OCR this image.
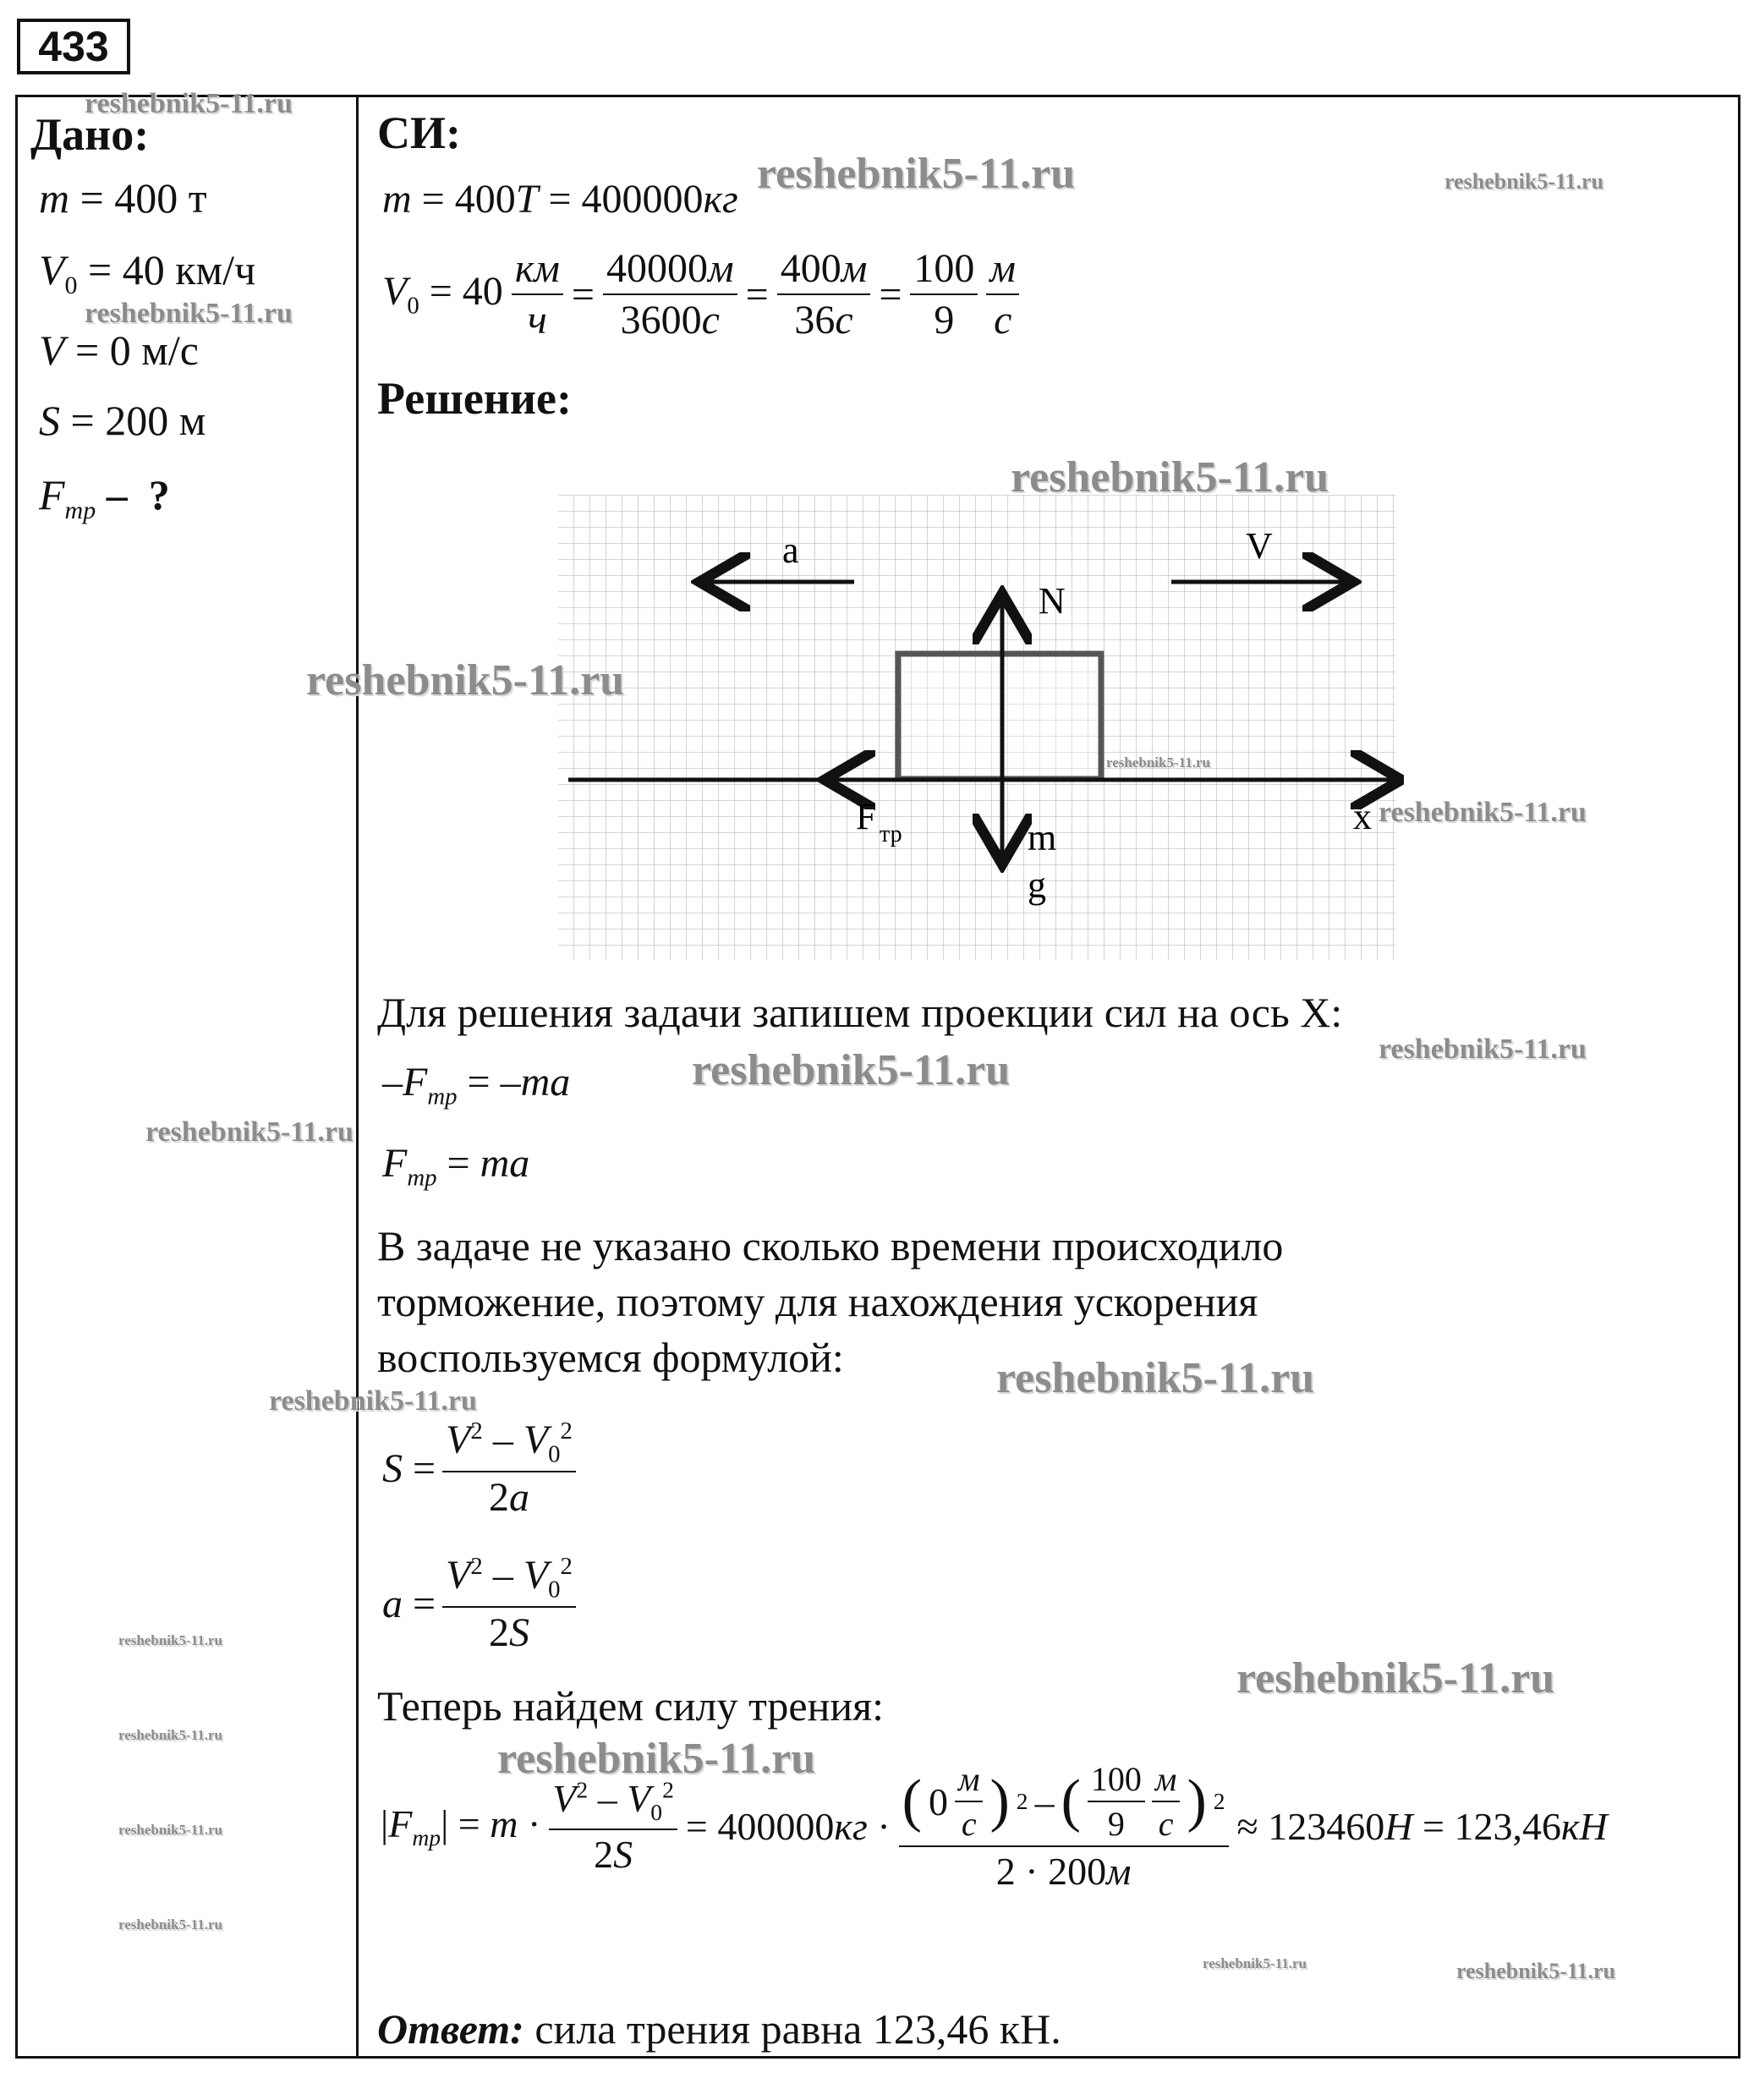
433
Дано:
m = 400 т
$V_0 = 40$ км/ч
V = 0 м/с
S = 200 м
$F_{тр}$ –  ?
СИ:
m = 400T = 400000кг
$V_0 = 40 \frac{км}{ч} = \frac{40000м}{3600с} = \frac{400м}{36с} = \frac{100}{9} \frac{м}{с}$
Решение:
a	V
N
F тр	x
m
g
Для решения задачи запишем проекции сил на ось Х:
$-F_{тр} = -ma$
$F_{тр}$ = ma
В задаче не указано сколько времени происходило торможение, поэтому для нахождения ускорения воспользуемся формулой:
$S = \frac{V^2 - V_0^2}{2a}$
$a = \frac{V^2 - V_0^2}{2S}$
Теперь найдем силу трения:
$|F_{тр}| = m \cdot \frac{V^2 - V_0^2}{2S} = 400000кг \cdot \frac{( 0 \frac{м}{с} ) 2 - ( \frac{100}{9} \frac{м}{с} ) 2}{2 \cdot 200м} \approx 123460Н = 123,46кН$
Ответ: сила трения равна 123,46 кН.
reshebnik5-11.ru
reshebnik5-11.ru	reshebnik5-11.ru
reshebnik5-11.ru
reshebnik5-11.ru
reshebnik5-11.ru
reshebnik5-11.ru
reshebnik5-11.ru
reshebnik5-11.ru
reshebnik5-11.ru
reshebnik5-11.ru
reshebnik5-11.ru
reshebnik5-11.ru
reshebnik5-11.ru
reshebnik5-11.ru
reshebnik5-11.ru
reshebnik5-11.ru
reshebnik5-11.ru
reshebnik5-11.ru
reshebnik5-11.ru	reshebnik5-11.ru
